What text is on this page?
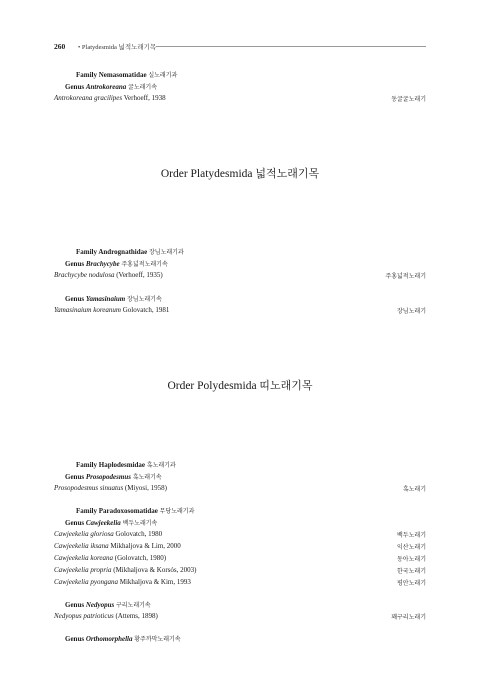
260 • Platydesmida 넓적노래기목
Family Nemasomatidae 실노래기과
Genus Antrokoreana 굴노래기속
Antrokoreana gracilipes Verhoeff, 1938	동굴굴노래기
Order Platydesmida 넓적노래기목
Family Andrognathidae 장님노래기과
Genus Brachycybe 주홍넓적노래기속
Brachycybe nodulosa (Verhoeff, 1935)	주홍넓적노래기
Genus Yamasinaium 장님노래기속
Yamasinaium koreanum Golovatch, 1981	장님노래기
Order Polydesmida 띠노래기목
Family Haplodesmidae 혹노래기과
Genus Prosopodesmus 혹노래기속
Prosopodesmus sinuatus (Miyosi, 1958)	혹노래기
Family Paradoxosomatidae 무당노래기과
Genus Cawjeekelia 백두노래기속
Cawjeekelia gloriosa Golovatch, 1980	백두노래기
Cawjeekelia iksana Mikhaljova & Lim, 2000	익산노래기
Cawjeekelia koreana (Golovatch, 1980)	동아노래기
Cawjeekelia propria (Mikhaljova & Korsós, 2003)	한국노래기
Cawjeekelia pyongana Mikhaljova & Kim, 1993	평안노래기
Genus Nedyopus 구리노래기속
Nedyopus patrioticus (Attems, 1898)	꽤구리노래기
Genus Orthomorphella 황주까막노래기속
